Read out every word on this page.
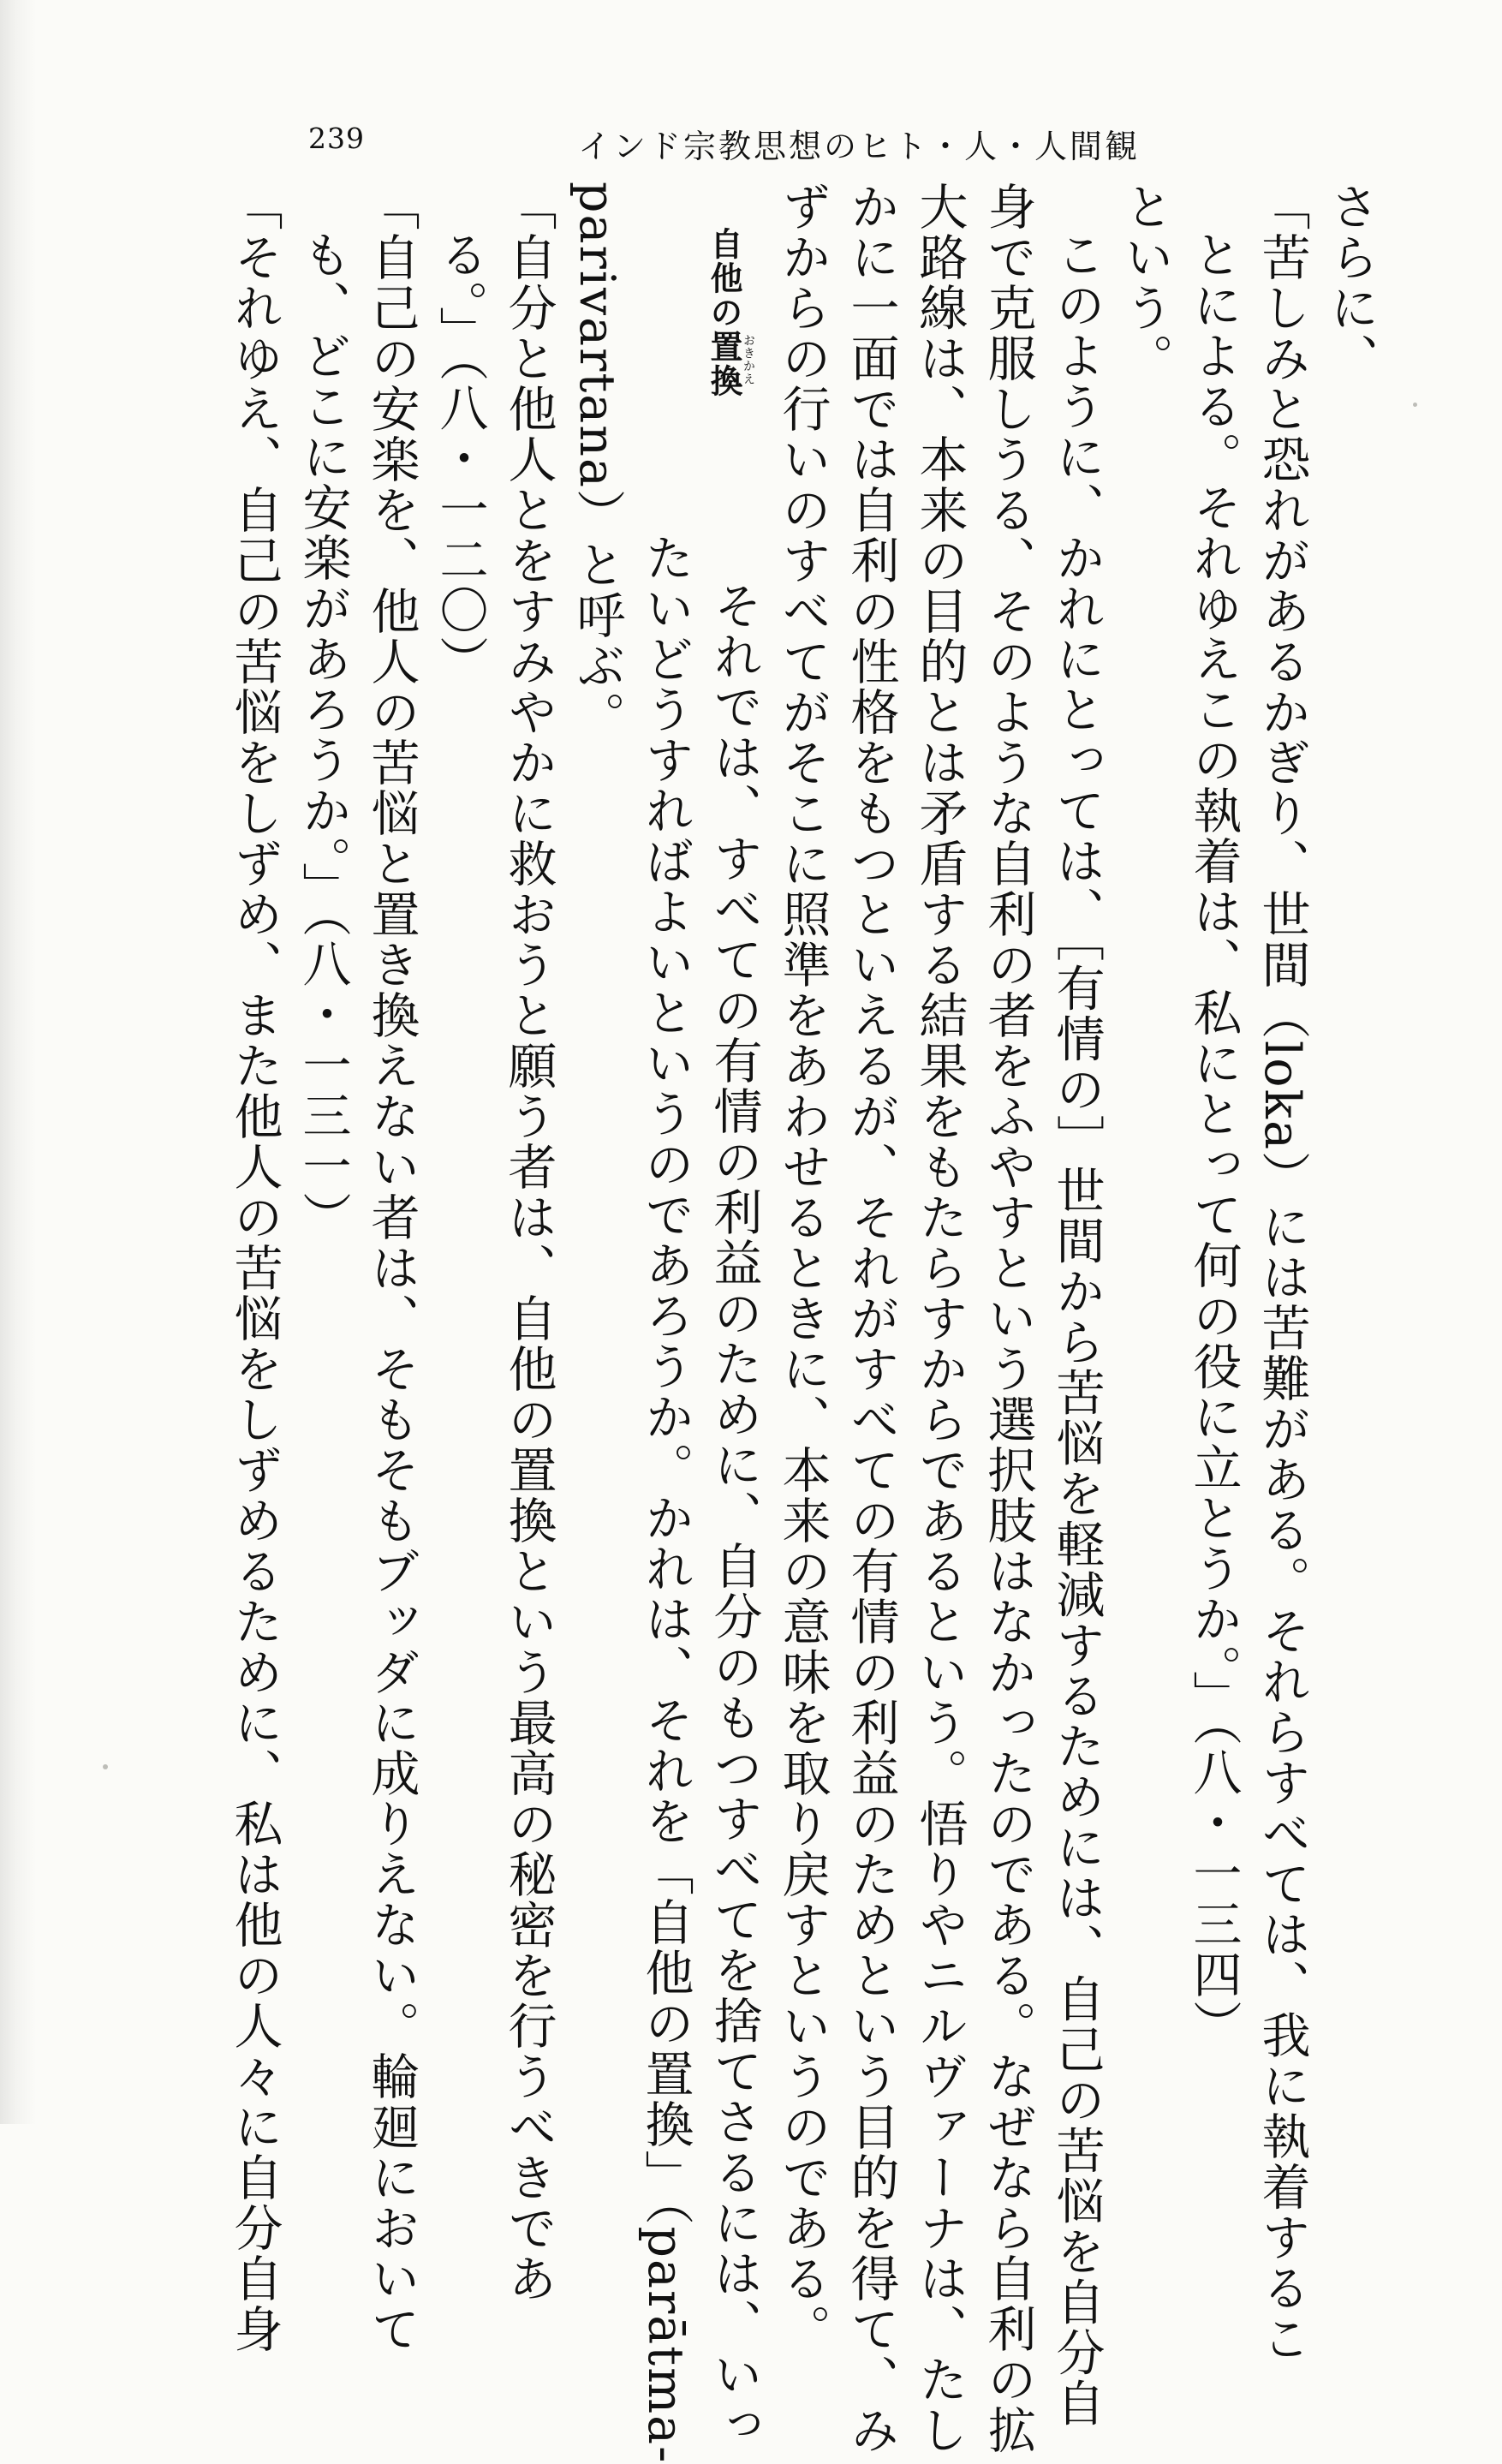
239	インド宗教思想のヒト・人・人間観
さらに、
「苦しみと恐れがあるかぎり、世間（loka）には苦難がある。それらすべては、我に執着するこ
とによる。それゆえこの執着は、私にとって何の役に立とうか。」（八・一三四）
という。
このように、かれにとっては、［有情の］世間から苦悩を軽減するためには、自己の苦悩を自分自
身で克服しうる、そのような自利の者をふやすという選択肢はなかったのである。なぜなら自利の拡
大路線は、本来の目的とは矛盾する結果をもたらすからであるという。悟りやニルヴァーナは、たし
かに一面では自利の性格をもつといえるが、それがすべての有情の利益のためという目的を得て、み
ずからの行いのすべてがそこに照準をあわせるときに、本来の意味を取り戻すというのである。
自他の置換
おきかえ
それでは、すべての有情の利益のために、自分のもつすべてを捨てさるには、いっ
たいどうすればよいというのであろうか。かれは、それを「自他の置換」（parātma-
parivartana）と呼ぶ。
「自分と他人とをすみやかに救おうと願う者は、自他の置換という最高の秘密を行うべきであ
る。」（八・一二〇）
「自己の安楽を、他人の苦悩と置き換えない者は、そもそもブッダに成りえない。輪廻において
も、どこに安楽があろうか。」（八・一三一）
「それゆえ、自己の苦悩をしずめ、また他人の苦悩をしずめるために、私は他の人々に自分自身
